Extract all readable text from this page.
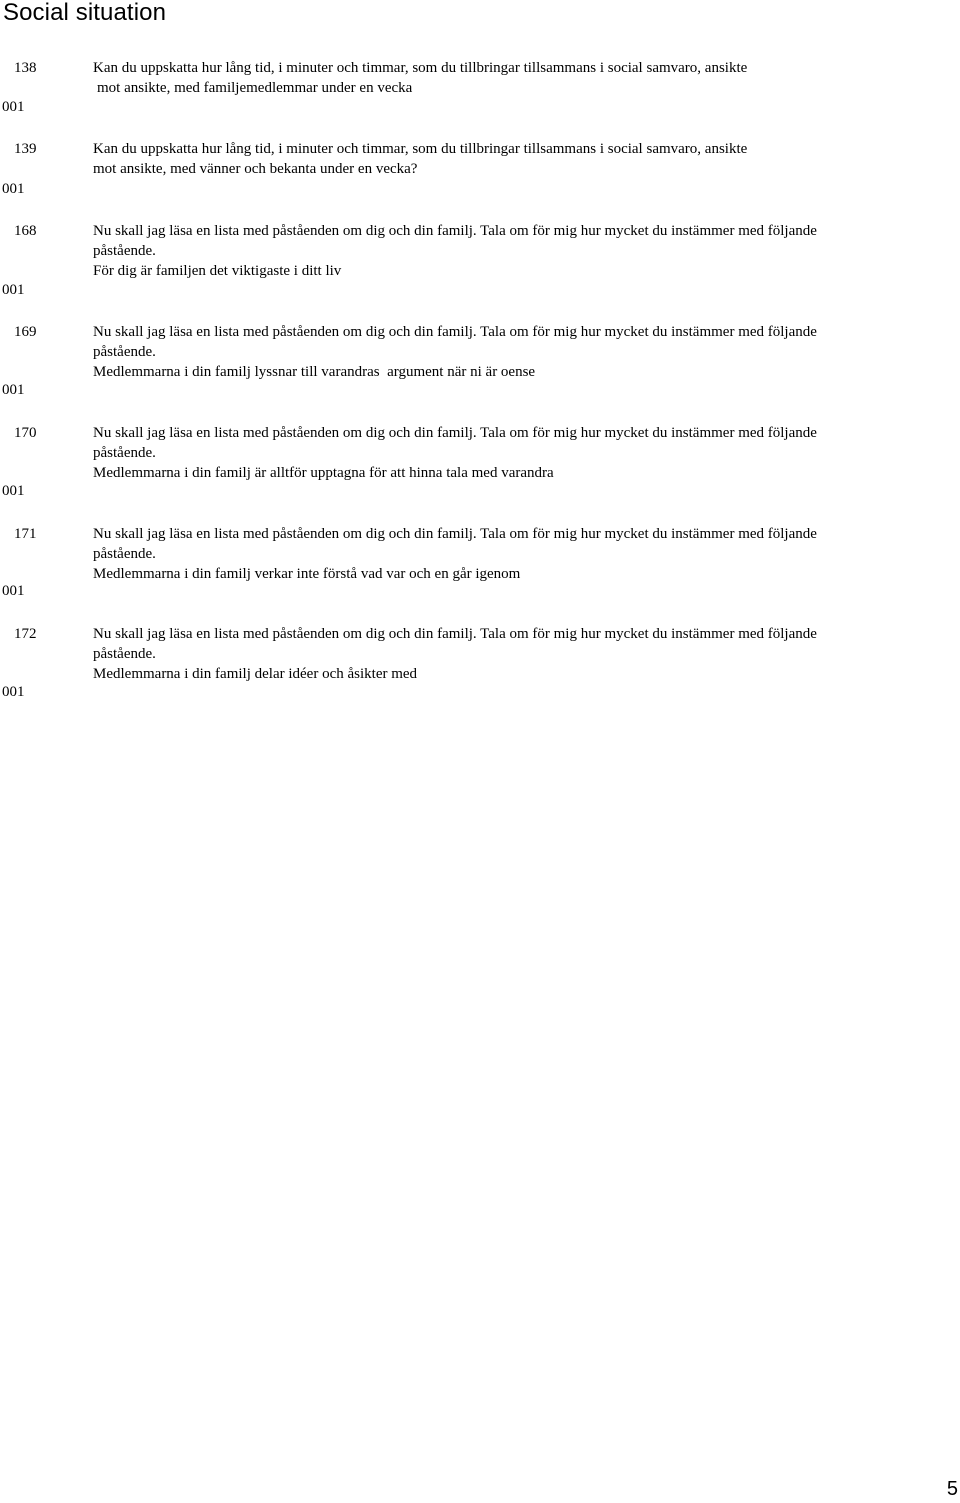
Social situation
138	Kan du uppskatta hur lång tid, i minuter och timmar, som du tillbringar tillsammans i social samvaro, ansikte
mot ansikte, med familjemedlemmar under en vecka
001
139	Kan du uppskatta hur lång tid, i minuter och timmar, som du tillbringar tillsammans i social samvaro, ansikte
mot ansikte, med vänner och bekanta under en vecka?
001
168	Nu skall jag läsa en lista med påståenden om dig och din familj. Tala om för mig hur mycket du instämmer med följande
påstående.
För dig är familjen det viktigaste i ditt liv
001
169	Nu skall jag läsa en lista med påståenden om dig och din familj. Tala om för mig hur mycket du instämmer med följande
påstående.
Medlemmarna i din familj lyssnar till varandras  argument när ni är oense
001
170	Nu skall jag läsa en lista med påståenden om dig och din familj. Tala om för mig hur mycket du instämmer med följande
påstående.
Medlemmarna i din familj är alltför upptagna för att hinna tala med varandra
001
171	Nu skall jag läsa en lista med påståenden om dig och din familj. Tala om för mig hur mycket du instämmer med följande
påstående.
Medlemmarna i din familj verkar inte förstå vad var och en går igenom
001
172	Nu skall jag läsa en lista med påståenden om dig och din familj. Tala om för mig hur mycket du instämmer med följande
påstående.
Medlemmarna i din familj delar idéer och åsikter med
001
5
